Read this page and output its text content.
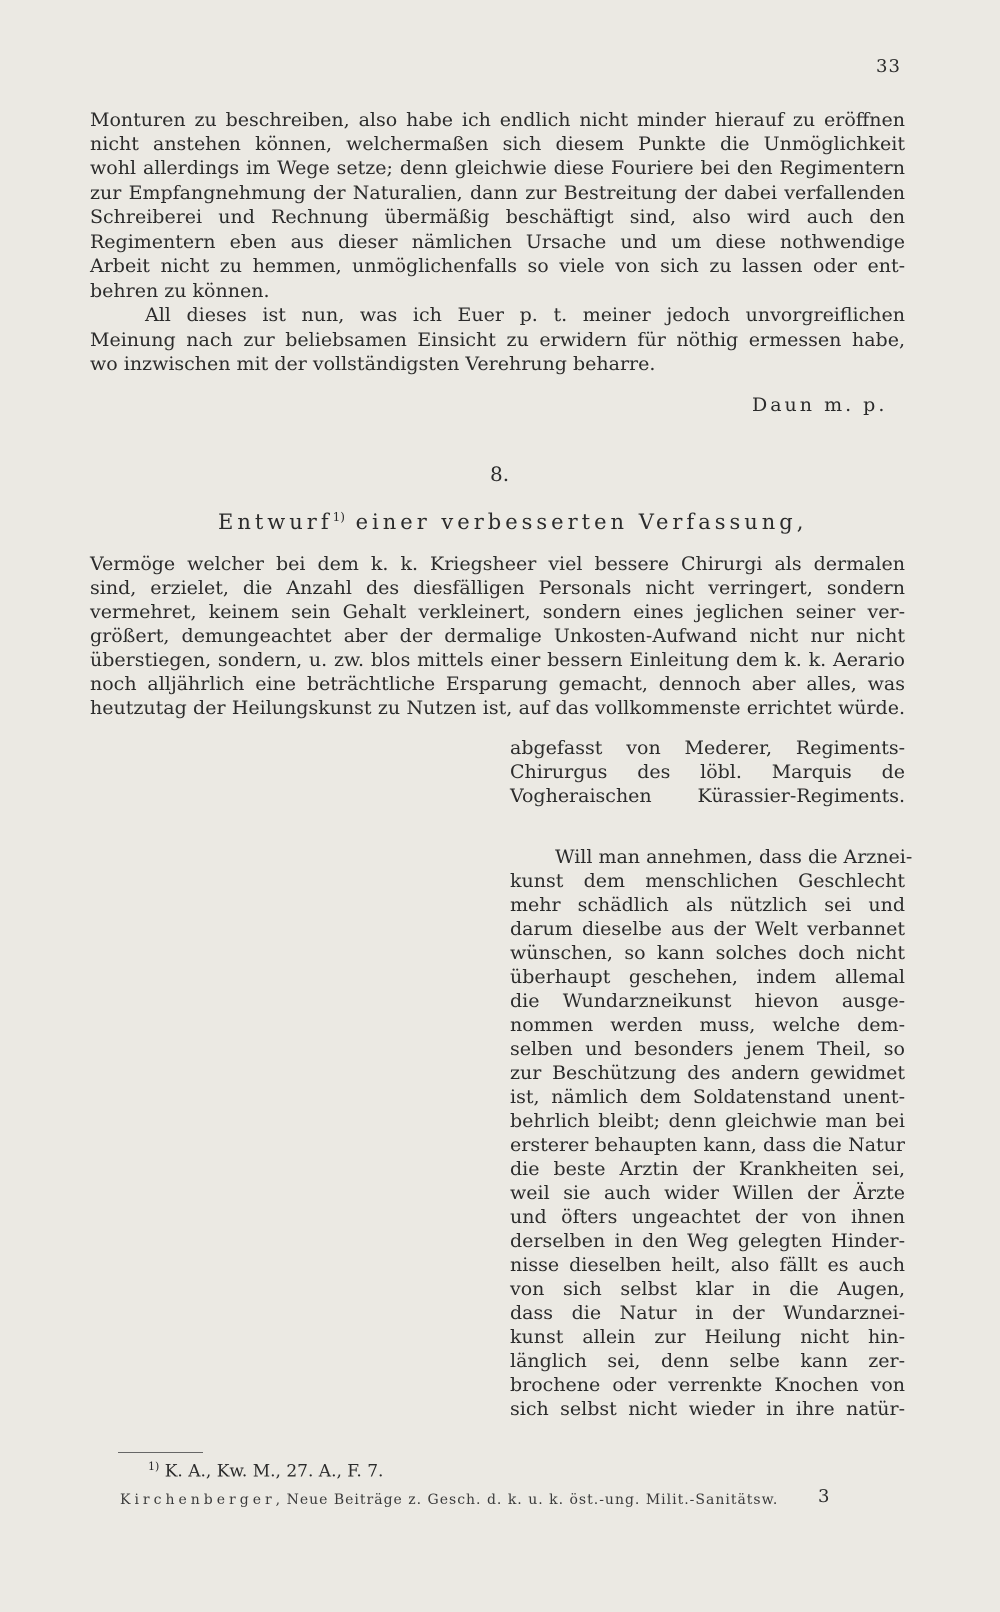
33
Monturen zu beschreiben, also habe ich endlich nicht minder hierauf zu eröffnen
nicht anstehen können, welchermaßen sich diesem Punkte die Unmöglichkeit
wohl allerdings im Wege setze; denn gleichwie diese Fouriere bei den Regimentern
zur Empfangnehmung der Naturalien, dann zur Bestreitung der dabei verfallenden
Schreiberei und Rechnung übermäßig beschäftigt sind, also wird auch den
Regimentern eben aus dieser nämlichen Ursache und um diese nothwendige
Arbeit nicht zu hemmen, unmöglichenfalls so viele von sich zu lassen oder ent-
behren zu können.
All dieses ist nun, was ich Euer p. t. meiner jedoch unvorgreiflichen
Meinung nach zur beliebsamen Einsicht zu erwidern für nöthig ermessen habe,
wo inzwischen mit der vollständigsten Verehrung beharre.
Daun m. p.
8.
Entwurf$^{1)}$ einer verbesserten Verfassung,
Vermöge welcher bei dem k. k. Kriegsheer viel bessere Chirurgi als dermalen
sind, erzielet, die Anzahl des diesfälligen Personals nicht verringert, sondern
vermehret, keinem sein Gehalt verkleinert, sondern eines jeglichen seiner ver-
größert, demungeachtet aber der dermalige Unkosten-Aufwand nicht nur nicht
überstiegen, sondern, u. zw. blos mittels einer bessern Einleitung dem k. k. Aerario
noch alljährlich eine beträchtliche Ersparung gemacht, dennoch aber alles, was
heutzutag der Heilungskunst zu Nutzen ist, auf das vollkommenste errichtet würde.
abgefasst von Mederer, Regiments-
Chirurgus des löbl. Marquis de
Vogheraischen Kürassier-Regiments.
Will man annehmen, dass die Arznei-
kunst dem menschlichen Geschlecht
mehr schädlich als nützlich sei und
darum dieselbe aus der Welt verbannet
wünschen, so kann solches doch nicht
überhaupt geschehen, indem allemal
die Wundarzneikunst hievon ausge-
nommen werden muss, welche dem-
selben und besonders jenem Theil, so
zur Beschützung des andern gewidmet
ist, nämlich dem Soldatenstand unent-
behrlich bleibt; denn gleichwie man bei
ersterer behaupten kann, dass die Natur
die beste Arztin der Krankheiten sei,
weil sie auch wider Willen der Ärzte
und öfters ungeachtet der von ihnen
derselben in den Weg gelegten Hinder-
nisse dieselben heilt, also fällt es auch
von sich selbst klar in die Augen,
dass die Natur in der Wundarznei-
kunst allein zur Heilung nicht hin-
länglich sei, denn selbe kann zer-
brochene oder verrenkte Knochen von
sich selbst nicht wieder in ihre natür-
$^{1)}$ K. A., Kw. M., 27. A., F. 7.
Kirchenberger, Neue Beiträge z. Gesch. d. k. u. k. öst.-ung. Milit.-Sanitätsw. 3
